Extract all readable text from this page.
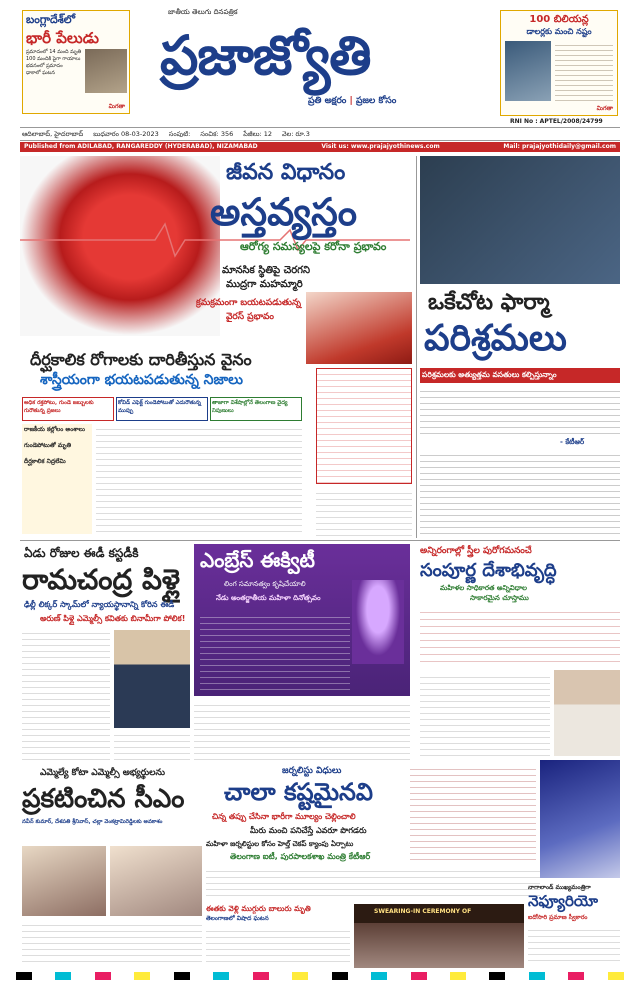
బంగ్లాదేశ్‌లో
భారీ పేలుడు
ప్రమాదంలో 14 మంది మృతి
100 మందికి పైగా గాయాలు
భవనంలో ప్రమాదం
ఢాకాలో ఘటన
మిగతా
జాతీయ తెలుగు దినపత్రిక
ప్రజాజ్యోతి
ప్రతి అక్షరం | ప్రజల కోసం
100 బిలియన్ల
డాలర్లకు మంచి నష్టం
మిగతా
RNI No : APTEL/2008/24799
ఆదిలాబాద్, హైదరాబాద్ బుధవారం 08-03-2023 సంపుటి: సంచిక: 356 పేజీలు: 12 వెల: రూ.3
Published from ADILABAD, RANGAREDDY (HYDERABAD), NIZAMABAD	Visit us: www.prajajyothinews.com	Mail: prajajyothidaily@gmail.com
జీవన విధానం
అస్తవ్యస్తం
ఆరోగ్య సమస్యలపై కరోనా ప్రభావం
మానసిక స్థితిపై చెరగని
ముద్రగా మహమ్మారి
క్రమక్రమంగా బయటపడుతున్న
వైరస్ ప్రభావం
దీర్ఘకాలిక రోగాలకు దారితీస్తున వైనం
శాస్త్రీయంగా భయటపడుతున్న నిజాలు
అధిక రక్తపోటు, గుండె జబ్బులకు గురౌతున్న ప్రజలు
కోవిడ్ ఎఫెక్ట్‌ గుండెపోటుతో ఎదురౌతున్న ముప్పు
తాజాగా విశేషాల్లోనే తెలంగాణ వైద్య నిపుణులు
రాజకీయ కల్లోలం అంశాలు
గుండెపోటుతో మృతి
దీర్ఘకాలిక నిద్రలేమి
ఒకేచోట ఫార్మా
పరిశ్రమలు
పరిశ్రమలకు అత్యుత్తమ వసతులు కల్పిస్తున్నాం
- కేటీఆర్
ఏడు రోజుల ఈడీ కస్టడీకి
రామచంద్ర పిళ్లై
ఢిల్లీ లిక్కర్ స్కామ్‌లో న్యాయస్థానాన్ని కోరిన ఈడీ
అరుణ్ పిళ్లై ఎమ్మెల్సీ కవితకు బినామీగా పోలిక!
ఎంబ్రేస్ ఈక్విటీ
లింగ సమానత్వం కృషిచేయాలి
నేడు అంతర్జాతీయ మహిళా దినోత్సవం
అన్నిరంగాల్లో స్త్రీల పురోగమనంచే
సంపూర్ణ దేశాభివృద్ధి
మహిళల సాధికారత అన్నివిధాల
సాకారమైన చూస్తాము
జర్నలిస్టు విధులు
చాలా కష్టమైనవి
చిన్న తప్పు చేసినా భారీగా మూల్యం చెల్లించాలి
మీరు మంచి పనిచేస్తే ఎవరూ పొగడరు
మహిళా జర్నలిస్టుల కోసం హెల్త్ చెకప్ క్యాంపు ఏర్పాటు
తెలంగాణ ఐటీ, పురపాలకశాఖ మంత్రి కేటీఆర్
ఎమ్మెల్యే కోటా ఎమ్మెల్సీ అభ్యర్థులను
ప్రకటించిన సీఎం
నవీన్ కుమార్, దేశపతి శ్రీనివాస్, చల్లా వెంకట్రామిరెడ్డిలకు అవకాశం
ఈతకు వెళ్లి ముగ్గురు బాలురు మృతి
తెలంగాణలో విషాద ఘటన
SWEARING-IN CEREMONY OF
నాగాలాండ్ ముఖ్యమంత్రిగా
నెఫ్యూరియో
ఐదోసారి ప్రమాణ స్వీకారం
